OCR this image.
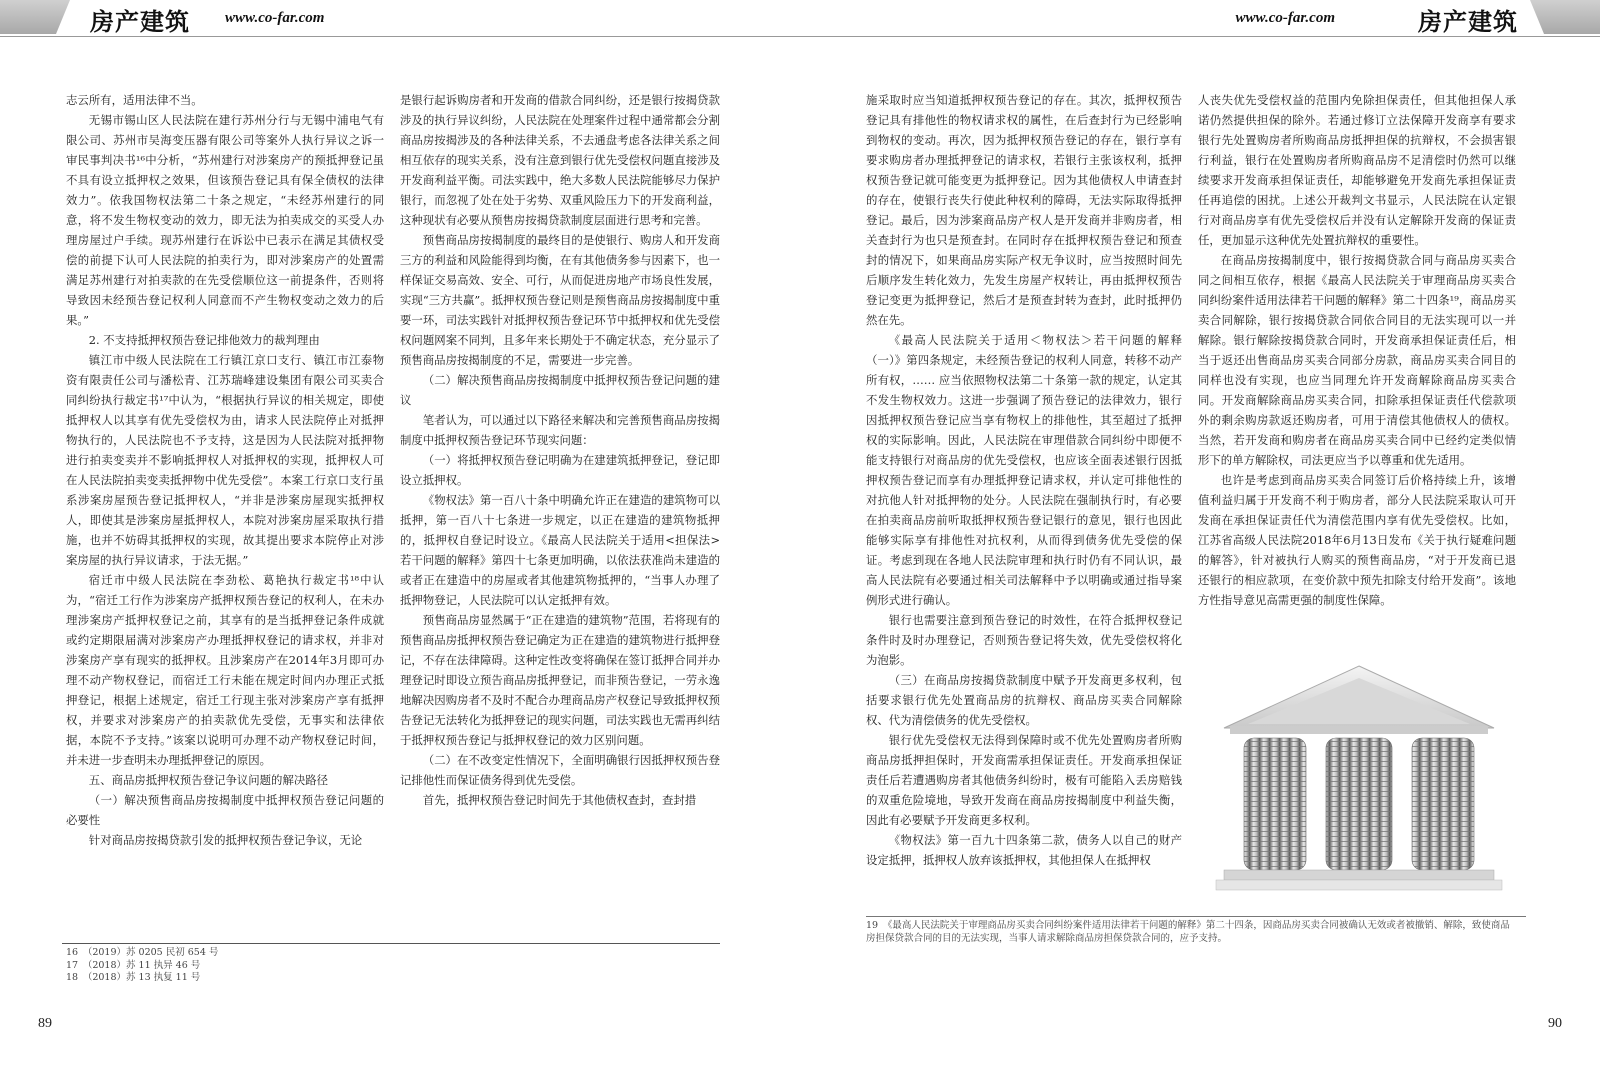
房产建筑 www.co-far.com

志云所有，适用法律不当。

无锡市锡山区人民法院在建行苏州分行与无锡中浦电气有限公司、苏州市吴海变压器有限公司等案外人执行异议之诉一审民事判决书¹⁶中分析，“苏州建行对涉案房产的预抵押登记虽不具有设立抵押权之效果，但该预告登记具有保全债权的法律效力”。依我国物权法第二十条之规定，“未经苏州建行的同意，将不发生物权变动的效力，即无法为拍卖成交的买受人办理房屋过户手续。现苏州建行在诉讼中已表示在满足其债权受偿的前提下认可人民法院的拍卖行为，即对涉案房产的处置需满足苏州建行对拍卖款的在先受偿顺位这一前提条件，否则将导致因未经预告登记权利人同意而不产生物权变动之效力的后果。”

2. 不支持抵押权预告登记排他效力的裁判理由

镇江市中级人民法院在工行镇江京口支行、镇江市江泰物资有限责任公司与潘松青、江苏瑞峰建设集团有限公司买卖合同纠纷执行裁定书¹⁷中认为，“根据执行异议的相关规定，即使抵押权人以其享有优先受偿权为由，请求人民法院停止对抵押物执行的，人民法院也不予支持，这是因为人民法院对抵押物进行拍卖变卖并不影响抵押权人对抵押权的实现，抵押权人可在人民法院拍卖变卖抵押物中优先受偿”。本案工行京口支行虽系涉案房屋预告登记抵押权人，“并非是涉案房屋现实抵押权人，即使其是涉案房屋抵押权人，本院对涉案房屋采取执行措施，也并不妨碍其抵押权的实现，故其提出要求本院停止对涉案房屋的执行异议请求，于法无据。”

宿迁市中级人民法院在李劲松、葛艳执行裁定书¹⁸中认为，“宿迁工行作为涉案房产抵押权预告登记的权利人，在未办理涉案房产抵押权登记之前，其享有的是当抵押登记条件成就或约定期限届满对涉案房产办理抵押权登记的请求权，并非对涉案房产享有现实的抵押权。且涉案房产在2014年3月即可办理不动产物权登记，而宿迁工行未能在规定时间内办理正式抵押登记，根据上述规定，宿迁工行现主张对涉案房产享有抵押权，并要求对涉案房产的拍卖款优先受偿，无事实和法律依据，本院不予支持。”该案以说明可办理不动产物权登记时间，并未进一步查明未办理抵押登记的原因。

五、商品房抵押权预告登记争议问题的解决路径

（一）解决预售商品房按揭制度中抵押权预告登记问题的必要性

针对商品房按揭贷款引发的抵押权预告登记争议，无论

是银行起诉购房者和开发商的借款合同纠纷，还是银行按揭贷款涉及的执行异议纠纷，人民法院在处理案件过程中通常都会分割商品房按揭涉及的各种法律关系，不去通盘考虑各法律关系之间相互依存的现实关系，没有注意到银行优先受偿权问题直接涉及开发商利益平衡。司法实践中，绝大多数人民法院能够尽力保护银行，而忽视了处在处于劣势、双重风险压力下的开发商利益，这种现状有必要从预售房按揭贷款制度层面进行思考和完善。

预售商品房按揭制度的最终目的是使银行、购房人和开发商三方的利益和风险能得到均衡，在有其他债务参与因素下，也一样保证交易高效、安全、可行，从而促进房地产市场良性发展，实现“三方共赢”。抵押权预告登记则是预售商品房按揭制度中重要一环，司法实践针对抵押权预告登记环节中抵押权和优先受偿权问题网案不同判，且多年来长期处于不确定状态，充分显示了预售商品房按揭制度的不足，需要进一步完善。

（二）解决预售商品房按揭制度中抵押权预告登记问题的建议

笔者认为，可以通过以下路径来解决和完善预售商品房按揭制度中抵押权预告登记环节现实问题：

（一）将抵押权预告登记明确为在建建筑抵押登记，登记即设立抵押权。

《物权法》第一百八十条中明确允许正在建造的建筑物可以抵押，第一百八十七条进一步规定，以正在建造的建筑物抵押的，抵押权自登记时设立。《最高人民法院关于适用<担保法>若干问题的解释》第四十七条更加明确，以依法获准尚未建造的或者正在建造中的房屋或者其他建筑物抵押的，“当事人办理了抵押物登记，人民法院可以认定抵押有效。

预售商品房显然属于“正在建造的建筑物”范围，若将现有的预售商品房抵押权预告登记确定为正在建造的建筑物进行抵押登记，不存在法律障碍。这种定性改变将确保在签订抵押合同并办理登记时即设立预告商品房抵押登记，而非预告登记，一劳永逸地解决因购房者不及时不配合办理商品房产权登记导致抵押权预告登记无法转化为抵押登记的现实问题，司法实践也无需再纠结于抵押权预告登记与抵押权登记的效力区别问题。

（二）在不改变定性情况下，全面明确银行因抵押权预告登记排他性而保证债务得到优先受偿。

首先，抵押权预告登记时间先于其他债权查封，查封措

16　（2019）苏 0205 民初 654 号
17　（2018）苏 11 执异 46 号
18　（2018）苏 13 执复 11 号
89
www.co-far.com	房产建筑

施采取时应当知道抵押权预告登记的存在。其次，抵押权预告登记具有排他性的物权请求权的属性，在后查封行为已经影响到物权的变动。再次，因为抵押权预告登记的存在，银行享有要求购房者办理抵押登记的请求权，若银行主张该权利，抵押权预告登记就可能变更为抵押登记。因为其他债权人申请查封的存在，使银行丧失行使此种权利的障碍，无法实际取得抵押登记。最后，因为涉案商品房产权人是开发商并非购房者，相关查封行为也只是预查封。在同时存在抵押权预告登记和预查封的情况下，如果商品房实际产权无争议时，应当按照时间先后顺序发生转化效力，先发生房屋产权转让，再由抵押权预告登记变更为抵押登记，然后才是预查封转为查封，此时抵押仍然在先。

《最高人民法院关于适用＜物权法＞若干问题的解释（一）》第四条规定，未经预告登记的权利人同意，转移不动产所有权，…… 应当依照物权法第二十条第一款的规定，认定其不发生物权效力。这进一步强调了预告登记的法律效力，银行因抵押权预告登记应当享有物权上的排他性，其至超过了抵押权的实际影响。因此，人民法院在审理借款合同纠纷中即便不能支持银行对商品房的优先受偿权，也应该全面表述银行因抵押权预告登记而享有办理抵押登记请求权，并认定可排他性的对抗他人针对抵押物的处分。人民法院在强制执行时，有必要在拍卖商品房前听取抵押权预告登记银行的意见，银行也因此能够实际享有排他性对抗权利，从而得到债务优先受偿的保证。考虑到现在各地人民法院审理和执行时仍有不同认识，最高人民法院有必要通过相关司法解释中予以明确或通过指导案例形式进行确认。

银行也需要注意到预告登记的时效性，在符合抵押权登记条件时及时办理登记，否则预告登记将失效，优先受偿权将化为泡影。

（三）在商品房按揭贷款制度中赋予开发商更多权利，包括要求银行优先处置商品房的抗辩权、商品房买卖合同解除权、代为清偿债务的优先受偿权。

银行优先受偿权无法得到保障时或不优先处置购房者所购商品房抵押担保时，开发商需承担保证责任。开发商承担保证责任后若遭遇购房者其他债务纠纷时，极有可能陷入丢房赔钱的双重危险境地，导致开发商在商品房按揭制度中利益失衡，因此有必要赋予开发商更多权利。

《物权法》第一百九十四条第二款，债务人以自己的财产设定抵押，抵押权人放弃该抵押权，其他担保人在抵押权

人丧失优先受偿权益的范围内免除担保责任，但其他担保人承诺仍然提供担保的除外。若通过修订立法保障开发商享有要求银行先处置购房者所购商品房抵押担保的抗辩权，不会损害银行利益，银行在处置购房者所购商品房不足清偿时仍然可以继续要求开发商承担保证责任，却能够避免开发商先承担保证责任再追偿的困扰。上述公开裁判文书显示，人民法院在认定银行对商品房享有优先受偿权后并没有认定解除开发商的保证责任，更加显示这种优先处置抗辩权的重要性。

在商品房按揭制度中，银行按揭贷款合同与商品房买卖合同之间相互依存，根据《最高人民法院关于审理商品房买卖合同纠纷案件适用法律若干问题的解释》第二十四条¹⁹，商品房买卖合同解除，银行按揭贷款合同依合同目的无法实现可以一并解除。银行解除按揭贷款合同时，开发商承担保证责任后，相当于返还出售商品房买卖合同部分房款，商品房买卖合同目的同样也没有实现，也应当同理允许开发商解除商品房买卖合同。开发商解除商品房买卖合同，扣除承担保证责任代偿款项外的剩余购房款返还购房者，可用于清偿其他债权人的债权。当然，若开发商和购房者在商品房买卖合同中已经约定类似情形下的单方解除权，司法更应当予以尊重和优先适用。

也许是考虑到商品房买卖合同签订后价格持续上升，该增值利益归属于开发商不利于购房者，部分人民法院采取认可开发商在承担保证责任代为清偿范围内享有优先受偿权。比如，江苏省高级人民法院2018年6月13日发布《关于执行疑难问题的解答》，针对被执行人购买的预售商品房，“对于开发商已退还银行的相应款项，在变价款中预先扣除支付给开发商”。该地方性指导意见高需更强的制度性保障。

19　《最高人民法院关于审理商品房买卖合同纠纷案件适用法律若干问题的解释》第二十四条，因商品房买卖合同被确认无效或者被撤销、解除，致使商品房担保贷款合同的目的无法实现，当事人请求解除商品房担保贷款合同的，应予支持。
90
